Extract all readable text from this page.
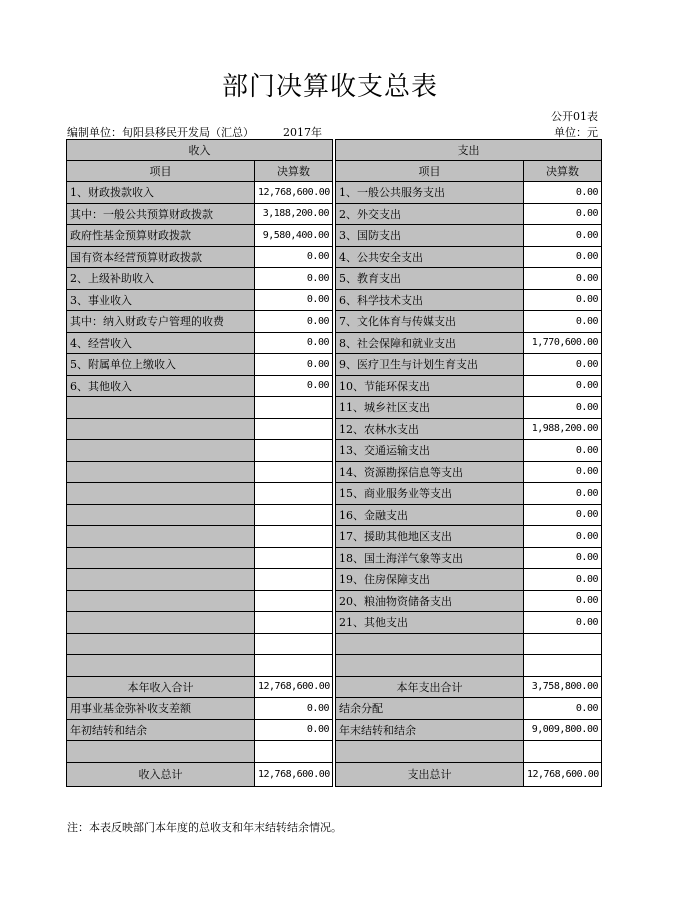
部门决算收支总表
公开01表
编制单位：旬阳县移民开发局（汇总）	2017年	单位：元
收入			支出	
项目	决算数		项目	决算数
1、财政拨款收入	12,768,600.00		1、一般公共服务支出	0.00
其中：一般公共预算财政拨款	3,188,200.00		2、外交支出	0.00
政府性基金预算财政拨款	9,580,400.00		3、国防支出	0.00
国有资本经营预算财政拨款	0.00		4、公共安全支出	0.00
2、上级补助收入	0.00		5、教育支出	0.00
3、事业收入	0.00		6、科学技术支出	0.00
其中：纳入财政专户管理的收费	0.00		7、文化体育与传媒支出	0.00
4、经营收入	0.00		8、社会保障和就业支出	1,770,600.00
5、附属单位上缴收入	0.00		9、医疗卫生与计划生育支出	0.00
6、其他收入	0.00		10、节能环保支出	0.00
			11、城乡社区支出	0.00
			12、农林水支出	1,988,200.00
			13、交通运输支出	0.00
			14、资源勘探信息等支出	0.00
			15、商业服务业等支出	0.00
			16、金融支出	0.00
			17、援助其他地区支出	0.00
			18、国土海洋气象等支出	0.00
			19、住房保障支出	0.00
			20、粮油物资储备支出	0.00
			21、其他支出	0.00

本年收入合计	12,768,600.00		本年支出合计	3,758,800.00
用事业基金弥补收支差额	0.00		结余分配	0.00
年初结转和结余	0.00		年末结转和结余	9,009,800.00

收入总计	12,768,600.00		支出总计	12,768,600.00
注：本表反映部门本年度的总收支和年末结转结余情况。
